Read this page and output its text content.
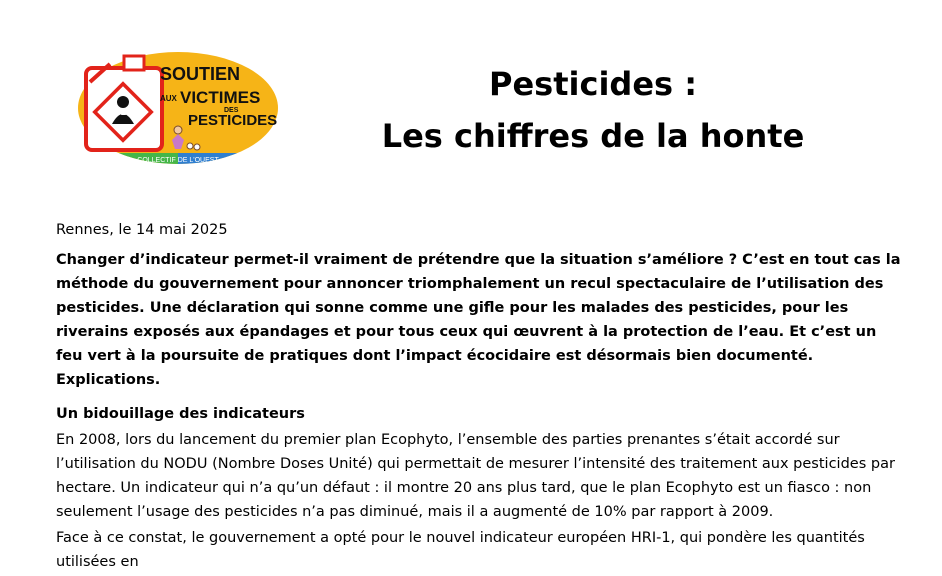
SOUTIEN
AUX VICTIMES
DES
PESTICIDES
COLLECTIF DE L'OUEST
Pesticides :
Les chiffres de la honte

Rennes, le 14 mai 2025

Changer d’indicateur permet-il vraiment de prétendre que la situation s’améliore ? C’est en tout cas la méthode du gouvernement pour annoncer triomphalement un recul spectaculaire de l’utilisation des pesticides. Une déclaration qui sonne comme une gifle pour les malades des pesticides, pour les riverains exposés aux épandages et pour tous ceux qui œuvrent à la protection de l’eau. Et c’est un feu vert à la poursuite de pratiques dont l’impact écocidaire est désormais bien documenté. Explications.

Un bidouillage des indicateurs

En 2008, lors du lancement du premier plan Ecophyto, l’ensemble des parties prenantes s’était accordé sur l’utilisation du NODU (Nombre Doses Unité) qui permettait de mesurer l’intensité des traitement aux pesticides par hectare. Un indicateur qui n’a qu’un défaut : il montre 20 ans plus tard, que le plan Ecophyto est un fiasco : non seulement l’usage des pesticides n’a pas diminué, mais il a augmenté de 10% par rapport à 2009.

Face à ce constat, le gouvernement a opté pour le nouvel indicateur européen HRI-1, qui pondère les quantités utilisées en
